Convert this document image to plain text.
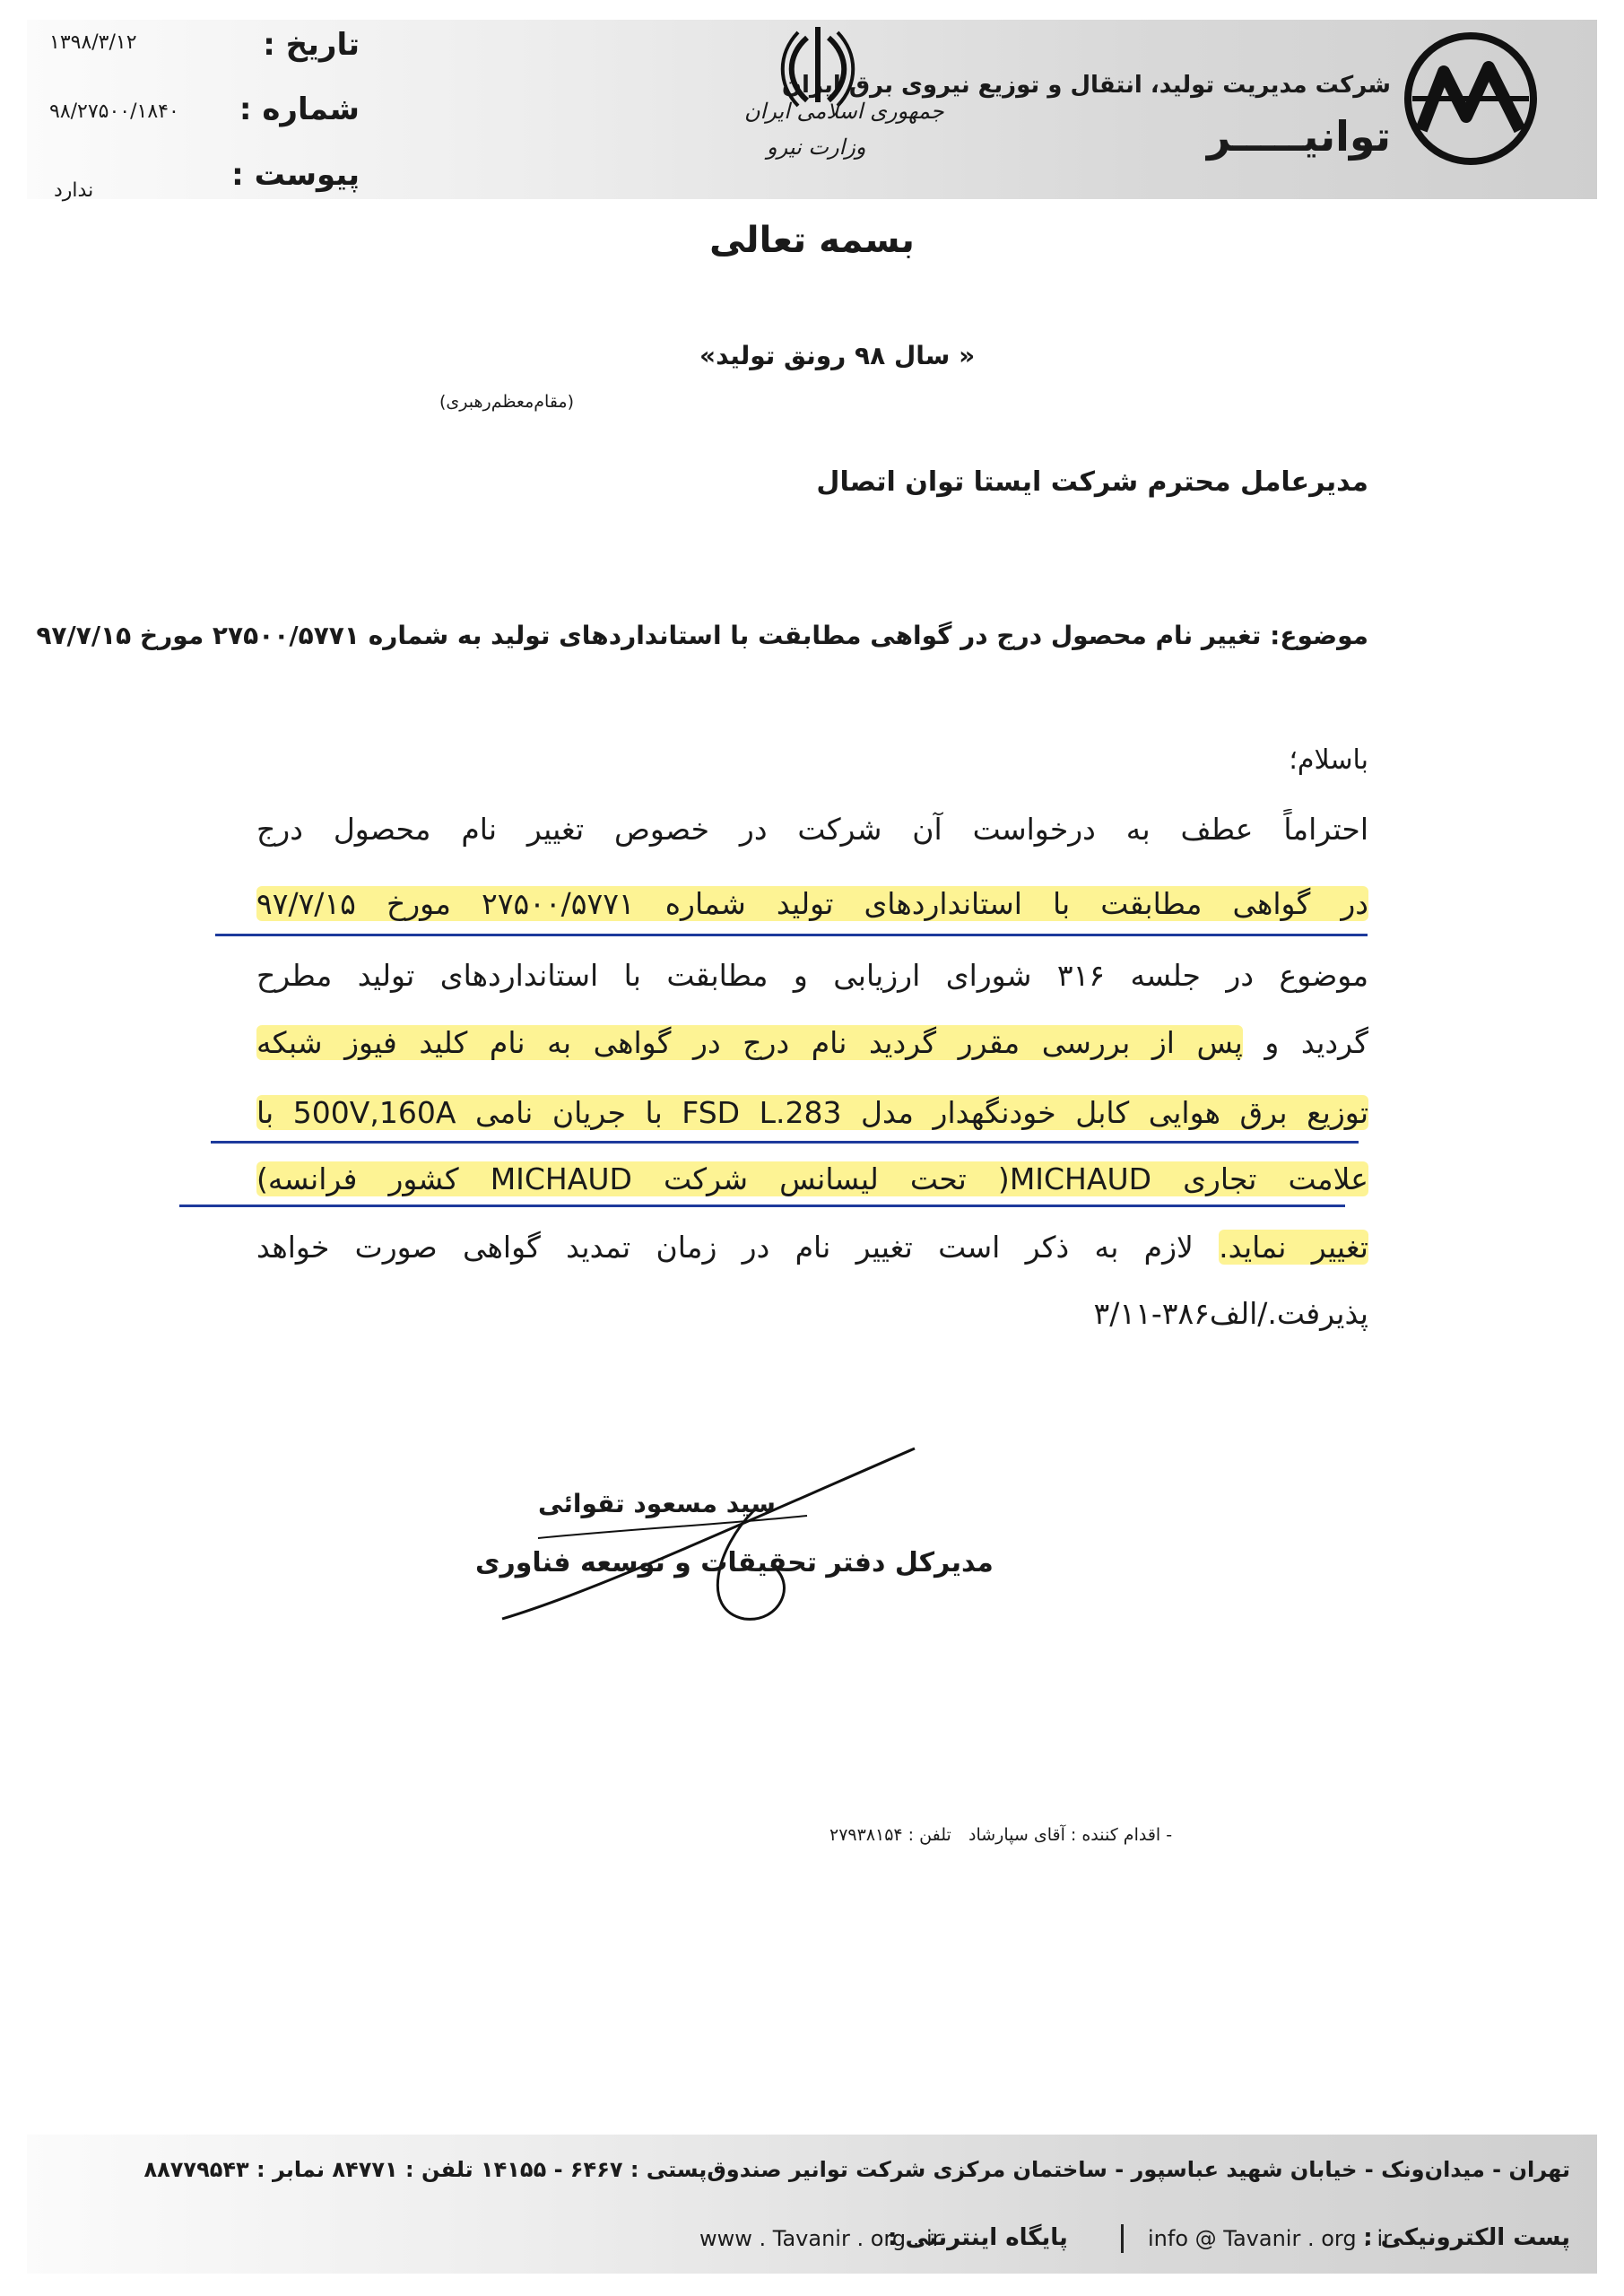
شرکت مدیریت تولید، انتقال و توزیع نیروی برق ایران
توانیـــــر
جمهوری اسلامی ایران
وزارت نیرو
تاریخ :
۱۳۹۸/۳/۱۲
شماره :
۹۸/۲۷۵۰۰/۱۸۴۰
پیوست :
ندارد
بسمه تعالی
« سال ۹۸ رونق تولید»
(مقام‌معظم‌رهبری)
مدیرعامل محترم شرکت ایستا توان اتصال
موضوع: تغییر نام محصول درج در گواهی مطابقت با استانداردهای تولید به شماره ۲۷۵۰۰/۵۷۷۱ مورخ ۹۷/۷/۱۵
باسلام؛
احتراماً عطف به درخواست آن شرکت در خصوص تغییر نام محصول درج
در گواهی مطابقت با استانداردهای تولید شماره ۲۷۵۰۰/۵۷۷۱ مورخ ۹۷/۷/۱۵
موضوع در جلسه ۳۱۶ شورای ارزیابی و مطابقت با استانداردهای تولید مطرح
گردید و پس از بررسی مقرر گردید نام درج در گواهی به نام کلید فیوز شبکه
توزیع برق هوایی کابل خودنگهدار مدل FSD L.283 با جریان نامی 500V,160A با
علامت تجاری MICHAUD( تحت لیسانس شرکت MICHAUD کشور فرانسه)
تغییر نماید. لازم به ذکر است تغییر نام در زمان تمدید گواهی صورت خواهد
پذیرفت./الف۳۸۶-۳/۱۱
سید مسعود تقوائی
مدیرکل دفتر تحقیقات و توسعه فناوری
- اقدام کننده : آقای سپارشاد
تلفن : ۲۷۹۳۸۱۵۴
تهران - میدان‌ونک - خیابان شهید عباسپور - ساختمان مرکزی شرکت توانیر صندوق‌پستی : ۶۴۶۷ - ۱۴۱۵۵ تلفن : ۸۴۷۷۱ نمابر : ۸۸۷۷۹۵۴۳
پست الکترونیکی :
info @ Tavanir . org . ir
پایگاه اینترنتی :
www . Tavanir . org . ir
